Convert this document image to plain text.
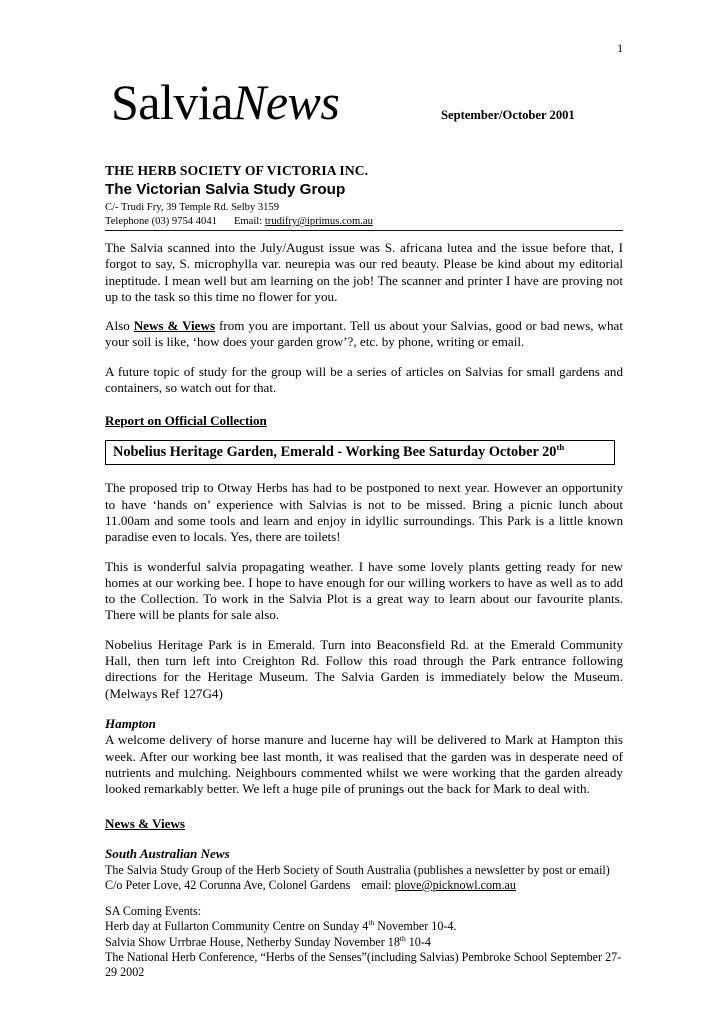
1
SalviaNews	September/October 2001
THE HERB SOCIETY OF VICTORIA INC.
The Victorian Salvia Study Group
C/- Trudi Fry, 39 Temple Rd. Selby 3159
Telephone (03) 9754 4041 Email: trudifry@iprimus.com.au

The Salvia scanned into the July/August issue was S. africana lutea and the issue before that, I forgot to say, S. microphylla var. neurepia was our red beauty. Please be kind about my editorial ineptitude. I mean well but am learning on the job! The scanner and printer I have are proving not up to the task so this time no flower for you.

Also News & Views from you are important. Tell us about your Salvias, good or bad news, what your soil is like, ‘how does your garden grow’?, etc. by phone, writing or email.

A future topic of study for the group will be a series of articles on Salvias for small gardens and containers, so watch out for that.

Report on Official Collection
Nobelius Heritage Garden, Emerald - Working Bee Saturday October 20th

The proposed trip to Otway Herbs has had to be postponed to next year. However an opportunity to have ‘hands on’ experience with Salvias is not to be missed. Bring a picnic lunch about 11.00am and some tools and learn and enjoy in idyllic surroundings. This Park is a little known paradise even to locals. Yes, there are toilets!

This is wonderful salvia propagating weather. I have some lovely plants getting ready for new homes at our working bee. I hope to have enough for our willing workers to have as well as to add to the Collection. To work in the Salvia Plot is a great way to learn about our favourite plants. There will be plants for sale also.

Nobelius Heritage Park is in Emerald. Turn into Beaconsfield Rd. at the Emerald Community Hall, then turn left into Creighton Rd. Follow this road through the Park entrance following directions for the Heritage Museum. The Salvia Garden is immediately below the Museum. (Melways Ref 127G4)

Hampton

A welcome delivery of horse manure and lucerne hay will be delivered to Mark at Hampton this week. After our working bee last month, it was realised that the garden was in desperate need of nutrients and mulching. Neighbours commented whilst we were working that the garden already looked remarkably better. We left a huge pile of prunings out the back for Mark to deal with.

News & Views
South Australian News
The Salvia Study Group of the Herb Society of South Australia (publishes a newsletter by post or email)
C/o Peter Love, 42 Corunna Ave, Colonel Gardens email: plove@picknowl.com.au
SA Coming Events:
Herb day at Fullarton Community Centre on Sunday 4th November 10-4.
Salvia Show Urrbrae House, Netherby Sunday November 18th 10-4
The National Herb Conference, “Herbs of the Senses”(including Salvias) Pembroke School September 27-29 2002
